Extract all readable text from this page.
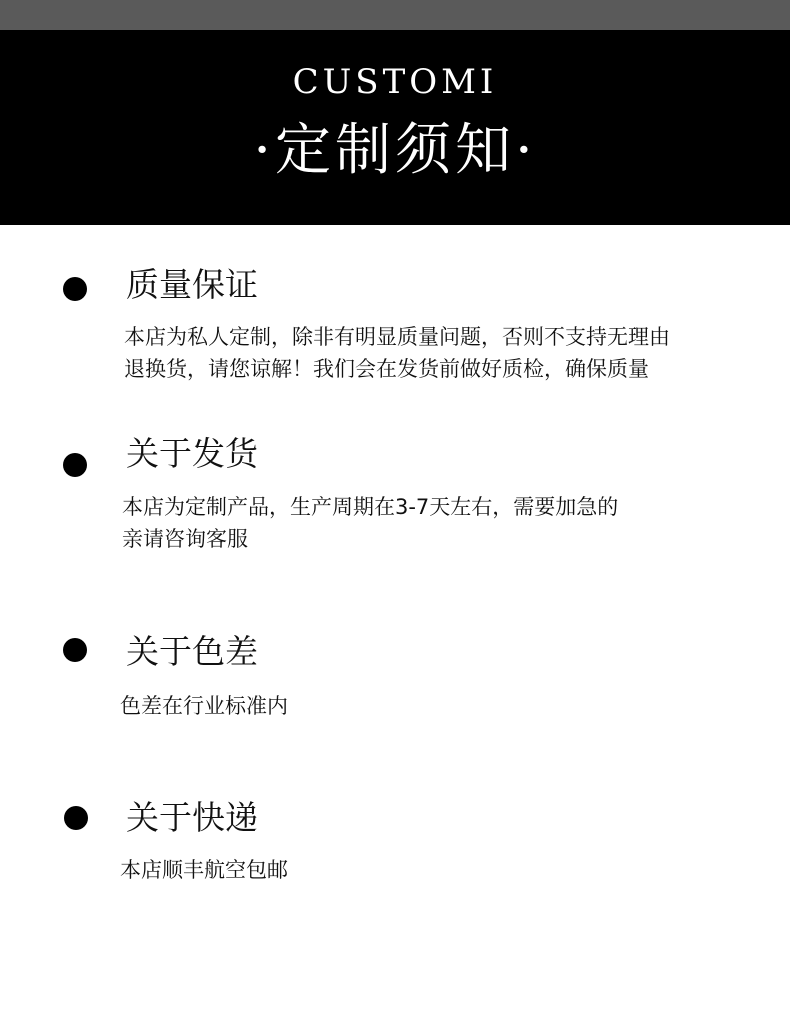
CUSTOMI
·定制须知·
质量保证
本店为私人定制，除非有明显质量问题，否则不支持无理由
退换货，请您谅解！我们会在发货前做好质检，确保质量
关于发货
本店为定制产品，生产周期在3-7天左右，需要加急的
亲请咨询客服
关于色差
色差在行业标准内
关于快递
本店顺丰航空包邮
